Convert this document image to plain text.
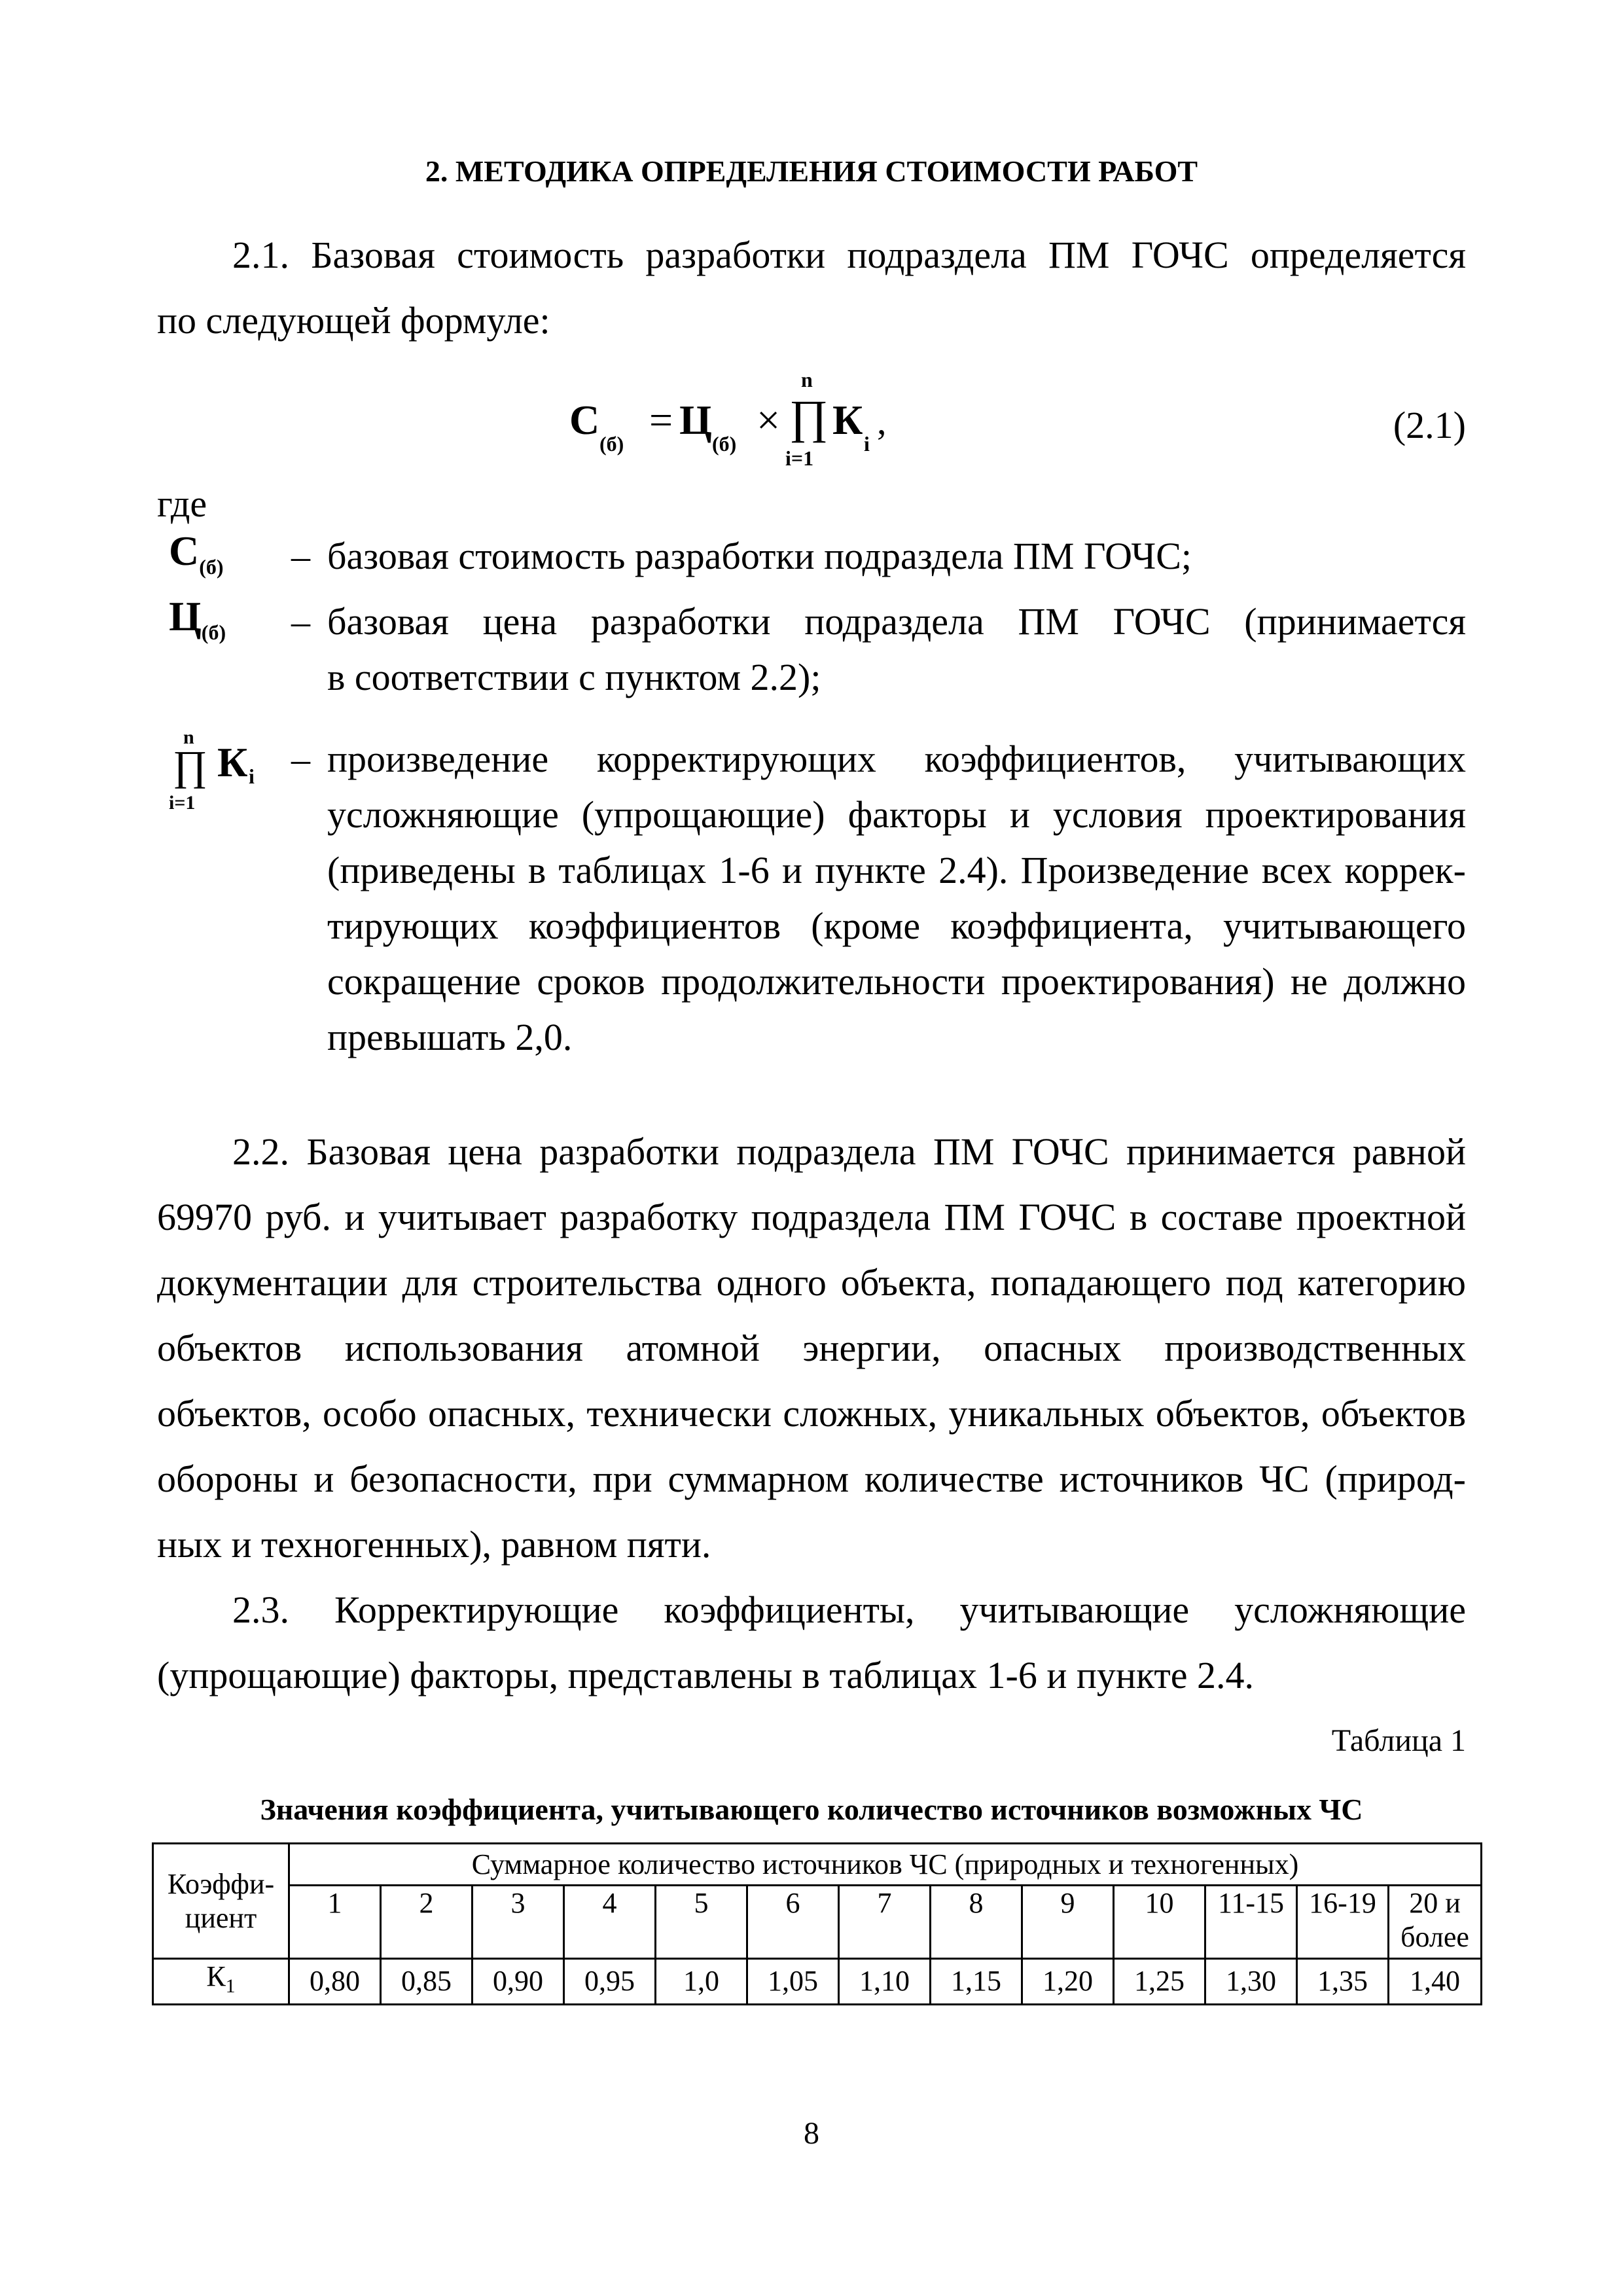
2. МЕТОДИКА ОПРЕДЕЛЕНИЯ СТОИМОСТИ РАБОТ
2.1. Базовая стоимость разработки подраздела ПМ ГОЧС определяется
по следующей формуле:
С
(б)
= Ц
(б)
×
n
∏
i=1
К
i
,	(2.1)
где
С(б)	– базовая стоимость разработки подраздела ПМ ГОЧС;
Ц(б)	– базовая цена разработки подраздела ПМ ГОЧС (принимается
в соответствии с пунктом 2.2);
n
∏
i=1
К i – произведение корректирующих коэффициентов, учитывающих
усложняющие (упрощающие) факторы и условия проектирования
(приведены в таблицах 1-6 и пункте 2.4). Произведение всех коррек-
тирующих коэффициентов (кроме коэффициента, учитывающего
сокращение сроков продолжительности проектирования) не должно
превышать 2,0.
2.2. Базовая цена разработки подраздела ПМ ГОЧС принимается равной
69970 руб. и учитывает разработку подраздела ПМ ГОЧС в составе проектной
документации для строительства одного объекта, попадающего под категорию
объектов использования атомной энергии, опасных производственных
объектов, особо опасных, технически сложных, уникальных объектов, объектов
обороны и безопасности, при суммарном количестве источников ЧС (природ-
ных и техногенных), равном пяти.
2.3. Корректирующие коэффициенты, учитывающие усложняющие
(упрощающие) факторы, представлены в таблицах 1-6 и пункте 2.4.
Таблица 1
Значения коэффициента, учитывающего количество источников возможных ЧС
Коэффи-
циент	Суммарное количество источников ЧС (природных и техногенных)												
	1	2	3	4	5	6	7	8	9	10	11-15	16-19	20 и более
$К_1$	0,80	0,85	0,90	0,95	1,0	1,05	1,10	1,15	1,20	1,25	1,30	1,35	1,40
8
